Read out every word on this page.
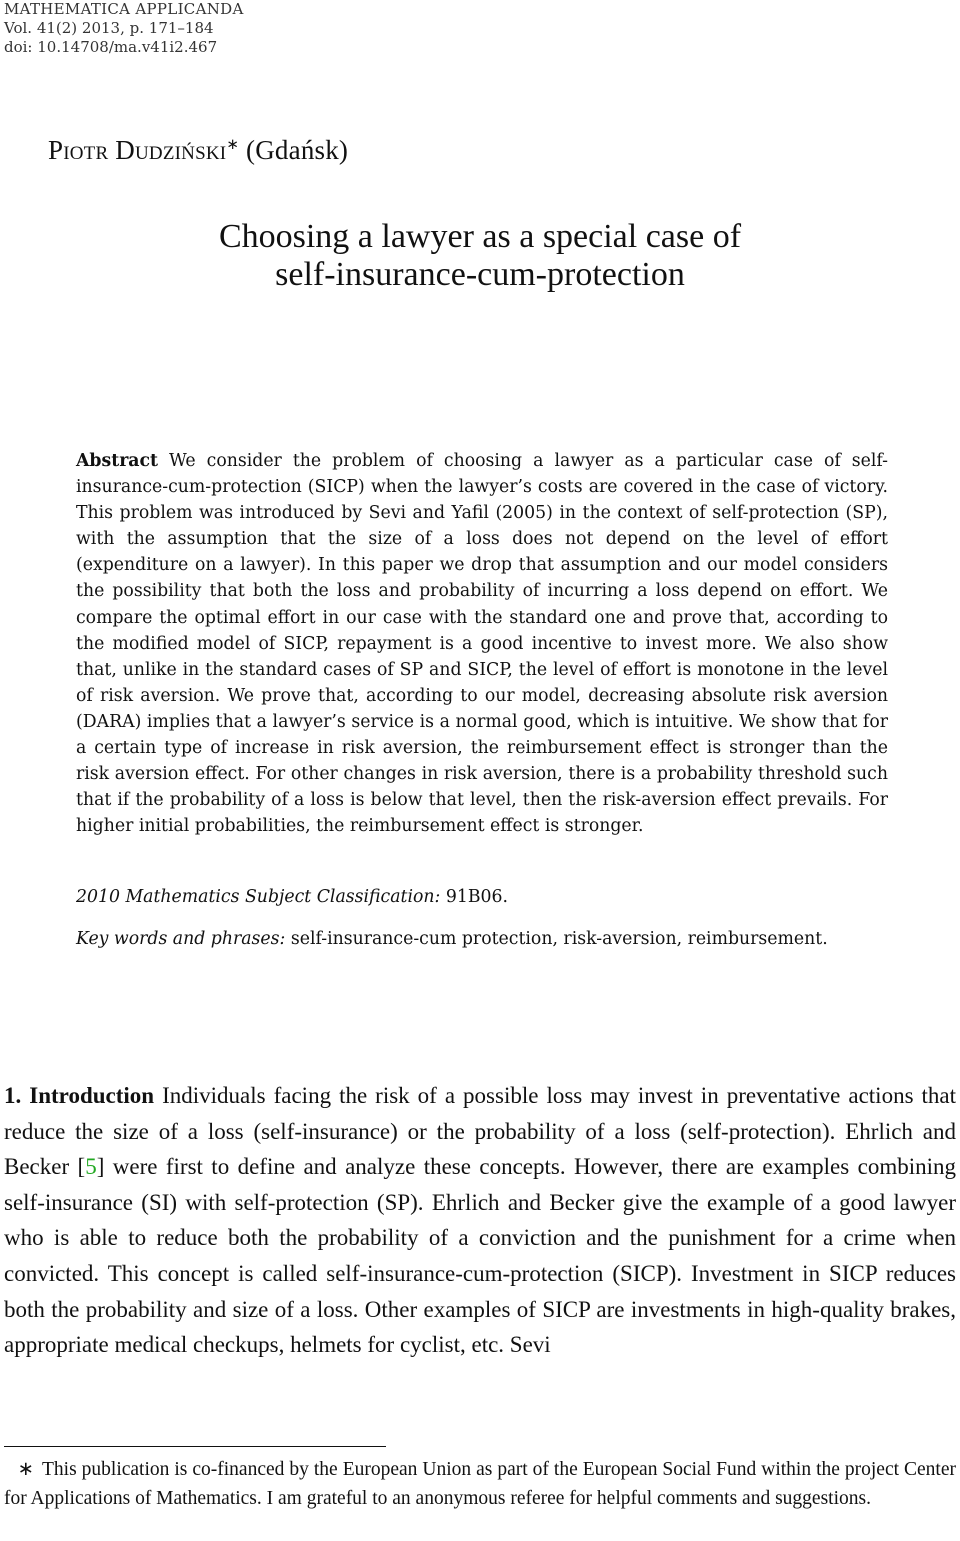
MATHEMATICA APPLICANDA
Vol. 41(2) 2013, p. 171–184
doi: 10.14708/ma.v41i2.467
Piotr Dudziński∗ (Gdańsk)
Choosing a lawyer as a special case of
self-insurance-cum-protection
Abstract We consider the problem of choosing a lawyer as a particular case of self-insurance-cum-protection (SICP) when the lawyer’s costs are covered in the case of victory. This problem was introduced by Sevi and Yafil (2005) in the context of self-protection (SP), with the assumption that the size of a loss does not depend on the level of effort (expenditure on a lawyer). In this paper we drop that assumption and our model considers the possibility that both the loss and probability of incurring a loss depend on effort. We compare the optimal effort in our case with the standard one and prove that, according to the modified model of SICP, repayment is a good incentive to invest more. We also show that, unlike in the standard cases of SP and SICP, the level of effort is monotone in the level of risk aversion. We prove that, according to our model, decreasing absolute risk aversion (DARA) implies that a lawyer’s service is a normal good, which is intuitive. We show that for a certain type of increase in risk aversion, the reimbursement effect is stronger than the risk aversion effect. For other changes in risk aversion, there is a probability threshold such that if the probability of a loss is below that level, then the risk-aversion effect prevails. For higher initial probabilities, the reimbursement effect is stronger.
2010 Mathematics Subject Classification: 91B06.
Key words and phrases: self-insurance-cum protection, risk-aversion, reimbursement.
1. Introduction Individuals facing the risk of a possible loss may invest in preventative actions that reduce the size of a loss (self-insurance) or the probability of a loss (self-protection). Ehrlich and Becker [5] were first to define and analyze these concepts. However, there are examples combining self-insurance (SI) with self-protection (SP). Ehrlich and Becker give the example of a good lawyer who is able to reduce both the probability of a conviction and the punishment for a crime when convicted. This concept is called self-insurance-cum-protection (SICP). Investment in SICP reduces both the probability and size of a loss. Other examples of SICP are investments in high-quality brakes, appropriate medical checkups, helmets for cyclist, etc. Sevi
∗ This publication is co-financed by the European Union as part of the European Social Fund within the project Center for Applications of Mathematics. I am grateful to an anonymous referee for helpful comments and suggestions.
